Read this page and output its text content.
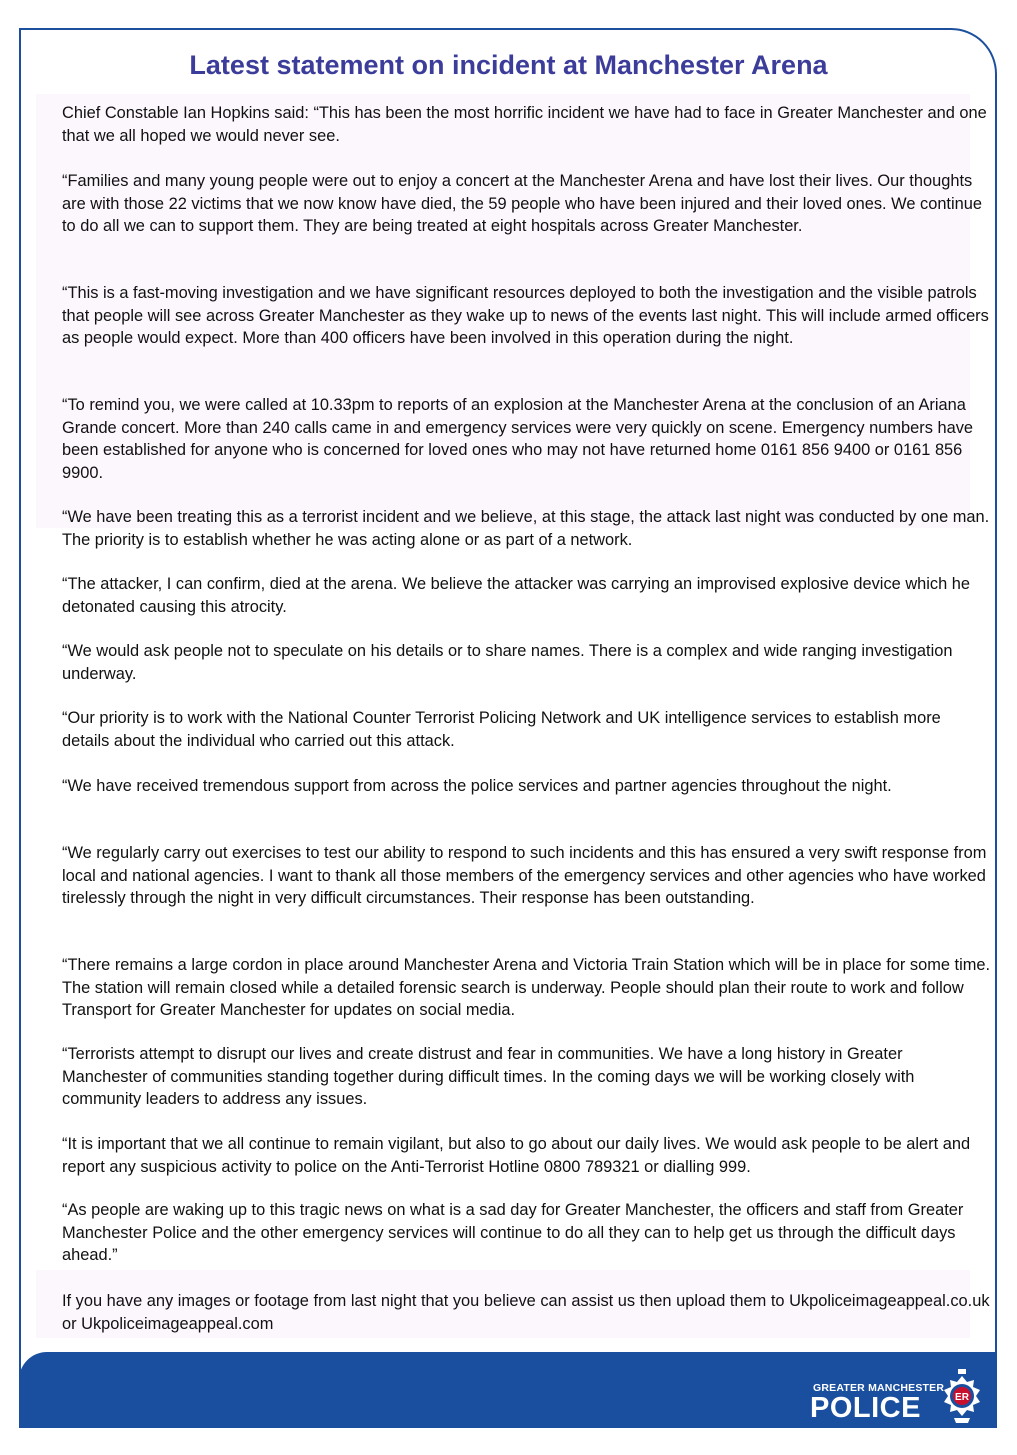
Latest statement on incident at Manchester Arena

Chief Constable Ian Hopkins said: “This has been the most horrific incident we have had to face in Greater Manchester and one that we all hoped we would never see.

“Families and many young people were out to enjoy a concert at the Manchester Arena and have lost their lives. Our thoughts are with those 22 victims that we now know have died, the 59 people who have been injured and their loved ones. We continue to do all we can to support them. They are being treated at eight hospitals across Greater Manchester.

“This is a fast-moving investigation and we have significant resources deployed to both the investigation and the visible patrols that people will see across Greater Manchester as they wake up to news of the events last night. This will include armed officers as people would expect. More than 400 officers have been involved in this operation during the night.

“To remind you, we were called at 10.33pm to reports of an explosion at the Manchester Arena at the conclusion of an Ariana Grande concert. More than 240 calls came in and emergency services were very quickly on scene. Emergency numbers have been established for anyone who is concerned for loved ones who may not have returned home 0161 856 9400 or 0161 856 9900.

“We have been treating this as a terrorist incident and we believe, at this stage, the attack last night was conducted by one man. The priority is to establish whether he was acting alone or as part of a network.

“The attacker, I can confirm, died at the arena. We believe the attacker was carrying an improvised explosive device which he detonated causing this atrocity.

“We would ask people not to speculate on his details or to share names. There is a complex and wide ranging investigation underway.

“Our priority is to work with the National Counter Terrorist Policing Network and UK intelligence services to establish more details about the individual who carried out this attack.

“We have received tremendous support from across the police services and partner agencies throughout the night.

“We regularly carry out exercises to test our ability to respond to such incidents and this has ensured a very swift response from local and national agencies. I want to thank all those members of the emergency services and other agencies who have worked tirelessly through the night in very difficult circumstances. Their response has been outstanding.

“There remains a large cordon in place around Manchester Arena and Victoria Train Station which will be in place for some time. The station will remain closed while a detailed forensic search is underway. People should plan their route to work and follow Transport for Greater Manchester for updates on social media.

“Terrorists attempt to disrupt our lives and create distrust and fear in communities. We have a long history in Greater Manchester of communities standing together during difficult times. In the coming days we will be working closely with community leaders to address any issues.

“It is important that we all continue to remain vigilant, but also to go about our daily lives. We would ask people to be alert and report any suspicious activity to police on the Anti-Terrorist Hotline 0800 789321 or dialling 999.

“As people are waking up to this tragic news on what is a sad day for Greater Manchester, the officers and staff from Greater Manchester Police and the other emergency services will continue to do all they can to help get us through the difficult days ahead.”

If you have any images or footage from last night that you believe can assist us then upload them to Ukpoliceimageappeal.co.uk or Ukpoliceimageappeal.com

GREATER MANCHESTER
POLICE	ER
